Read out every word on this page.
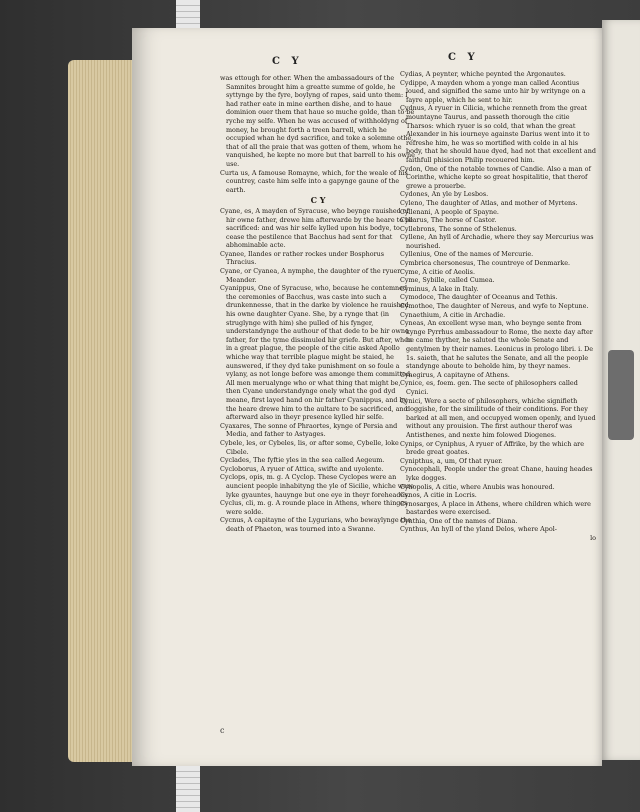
C Y	C Y

was ettough for other. When the ambassadours of the Samnites brought him a greatte summe of golde, he syttynge by the fyre, boylyng of rapes, said unto them: I had rather eate in mine earthen dishe, and to haue dominion ouer them that haue so muche golde, than to be ryche my selfe. When he was accused of withholdyng of money, he brought forth a treen barrell, which he occupied whan he dyd sacrifice, and toke a solemne othe, that of all the praie that was gotten of them, whom he vanquished, he kepte no more but that barrell to his owne use.

Curta us, A famouse Romayne, which, for the weale of his countrey, caste him selfe into a gapynge gaune of the earth.

C Y

Cyane, es, A mayden of Syracuse, who beynge rauished of hir owne father, drewe him afterwarde by the heare to be sacrificed: and was hir selfe kylled upon his bodye, to cease the pestilence that Bacchus had sent for that abhominable acte.

Cyanee, Ilandes or rather rockes under Bosphorus Thracius.

Cyane, or Cyanea, A nymphe, the daughter of the ryuer Meander.

Cyanippus, One of Syracuse, who, because he contemned the ceremonies of Bacchus, was caste into such a drunkennesse, that in the darke by violence he rauished his owne daughter Cyane. She, by a rynge that (in struglynge with him) she pulled of his fynger, understandynge the authour of that dede to be hir owne father, for the tyme dissimuled hir griefe. But after, when in a great plague, the people of the citie asked Apollo whiche way that terrible plague might be staied, he aunswered, if they dyd take punishment on so foule a vylany, as not longe before was amonge them committed. All men merualynge who or what thing that might be, then Cyane understandynge onely what the god dyd meane, first layed hand on hir father Cyanippus, and by the heare drewe him to the aultare to be sacrificed, and afterward also in theyr presence kylled hir selfe.

Cyaxares, The sonne of Phraortes, kynge of Persia and Media, and father to Astyages.

Cybele, les, or Cybeles, lis, or after some, Cybelle, loke Cibele.

Cyclades, The fyftie yles in the sea called Aegeum.

Cycloborus, A ryuer of Attica, swifte and uyolente.

Cyclops, opis, m. g. A Cyclop. These Cyclopes were an auncient people inhabityng the yle of Sicilie, whiche were lyke gyauntes, hauynge but one eye in theyr foreheades.

Cyclus, cli, m. g. A rounde place in Athens, where thinges were solde.

Cycnus, A capitayne of the Lygurians, who bewaylynge the death of Phaeton, was tourned into a Swanne.

Cydias, A peynter, whiche peynted the Argonautes.

Cydippe, A mayden whom a yonge man called Acontius loued, and signified the same unto hir by writynge on a fayre apple, which he sent to hir.

Cydnus, A ryuer in Cilicia, whiche renneth from the great mountayne Taurus, and passeth thorough the citie Tharsos: which ryuer is so cold, that whan the great Alexander in his iourneye againste Darius went into it to refreshe him, he was so mortified with colde in al his body, that he should haue dyed, had not that excellent and faithfull phisicion Philip recouered him.

Cydon, One of the notable townes of Candie. Also a man of Corinthe, whiche kepte so great hospitalitie, that therof grewe a prouerbe.

Cydones, An yle by Lesbos.

Cyleno, The daughter of Atlas, and mother of Myrtens.

Cyllenani, A people of Spayne.

Cyllarus, The horse of Castor.

Cyllebrons, The sonne of Sthelenus.

Cyllene, An hyll of Archadie, where they say Mercurius was nourished.

Cyllenius, One of the names of Mercurie.

Cymbrica chersonesus, The countreye of Denmarke.

Cyme, A citie of Aeolis.

Cyme, Sybille, called Cumea.

Cyminus, A lake in Italy.

Cymodoce, The daughter of Oceanus and Tethis.

Cymothoe, The daughter of Nereus, and wyfe to Neptune.

Cynaethium, A citie in Archadie.

Cyneas, An excellent wyse man, who beynge sente from kynge Pyrrhus ambassadour to Rome, the nexte day after he came thyther, he saluted the whole Senate and gentylmen by their names. Leonicus in prologo libri. i. De 1s. saieth, that he salutes the Senate, and all the people standynge aboute to beholde him, by theyr names.

Cynegirus, A capitayne of Athens.

Cynice, es, foem. gen. The secte of philosophers called Cynici.

Cynici, Were a secte of philosophers, whiche signifieth doggishe, for the similitude of their conditions. For they barked at all men, and occupyed women openly, and lyued without any prouision. The first authour therof was Antisthenes, and nexte him folowed Diogenes.

Cynips, or Cyniphus, A ryuer of Affrike, by the which are brede great goates.

Cynipthus, a, um, Of that ryuer.

Cynocephali, People under the great Chane, hauing heades lyke dogges.

Cynopolis, A citie, where Anubis was honoured.

Cynos, A citie in Locris.

Cynosarges, A place in Athens, where children which were bastardes were exercised.

Cynthia, One of the names of Diana.

Cynthus, An hyll of the yland Delos, where Apol-

lo

c
